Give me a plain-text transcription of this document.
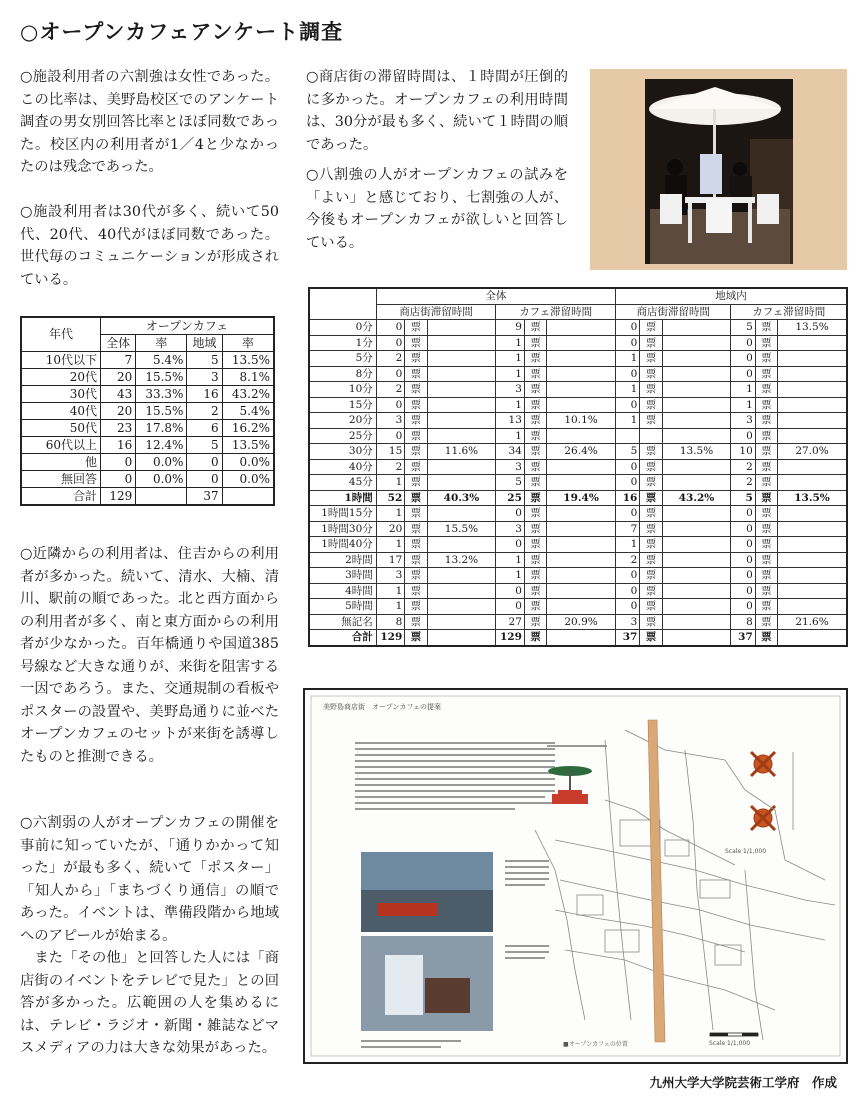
○オープンカフェアンケート調査

○施設利用者の六割強は女性であった。この比率は、美野島校区でのアンケート調査の男女別回答比率とほぼ同数であった。校区内の利用者が1／4と少なかったのは残念であった。

○施設利用者は30代が多く、続いて50代、20代、40代がほぼ同数であった。世代毎のコミュニケーションが形成されている。

○近隣からの利用者は、住吉からの利用者が多かった。続いて、清水、大楠、清川、駅前の順であった。北と西方面からの利用者が多く、南と東方面からの利用者が少なかった。百年橋通りや国道385号線など大きな通りが、来街を阻害する一因であろう。また、交通規制の看板やポスターの設置や、美野島通りに並べたオープンカフェのセットが来街を誘導したものと推測できる。

○六割弱の人がオープンカフェの開催を事前に知っていたが、「通りかかって知った」が最も多く、続いて「ポスター」「知人から」「まちづくり通信」の順であった。イベントは、準備段階から地域へのアピールが始まる。

　また「その他」と回答した人には「商店街のイベントをテレビで見た」との回答が多かった。広範囲の人を集めるには、テレビ・ラジオ・新聞・雑誌などマスメディアの力は大きな効果があった。

○商店街の滞留時間は、１時間が圧倒的に多かった。オープンカフェの利用時間は、30分が最も多く、続いて１時間の順であった。

○八割強の人がオープンカフェの試みを「よい」と感じており、七割強の人が、今後もオープンカフェが欲しいと回答している。

年代	オープンカフェ			
	全体	率	地域	率
10代以下	7	5.4%	5	13.5%
20代	20	15.5%	3	8.1%
30代	43	33.3%	16	43.2%
40代	20	15.5%	2	5.4%
50代	23	17.8%	6	16.2%
60代以上	16	12.4%	5	13.5%
他	0	0.0%	0	0.0%
無回答	0	0.0%	0	0.0%
合計	129		37	
	全体						地域内					
	商店街滞留時間			カフェ滞留時間			商店街滞留時間			カフェ滞留時間		
0分	0	票		9	票		0	票		5	票	13.5%
1分	0	票		1	票		0	票		0	票	
5分	2	票		1	票		1	票		0	票	
8分	0	票		1	票		0	票		0	票	
10分	2	票		3	票		1	票		1	票	
15分	0	票		1	票		0	票		1	票	
20分	3	票		13	票	10.1%	1	票		3	票	
25分	0	票		1	票					0	票	
30分	15	票	11.6%	34	票	26.4%	5	票	13.5%	10	票	27.0%
40分	2	票		3	票		0	票		2	票	
45分	1	票		5	票		0	票		2	票	
1時間	52	票	40.3%	25	票	19.4%	16	票	43.2%	5	票	13.5%
1時間15分	1	票		0	票		0	票		0	票	
1時間30分	20	票	15.5%	3	票		7	票		0	票	
1時間40分	1	票		0	票		1	票		0	票	
2時間	17	票	13.2%	1	票		2	票		0	票	
3時間	3	票		1	票		0	票		0	票	
4時間	1	票		0	票		0	票		0	票	
5時間	1	票		0	票		0	票		0	票	
無記名	8	票		27	票	20.9%	3	票		8	票	21.6%
合計	129	票		129	票		37	票		37	票	
美野島商店街　オープンカフェの提案
Scale 1/1,000
Scale 1/1,000
■オープンカフェの位置
九州大学大学院芸術工学府　作成
